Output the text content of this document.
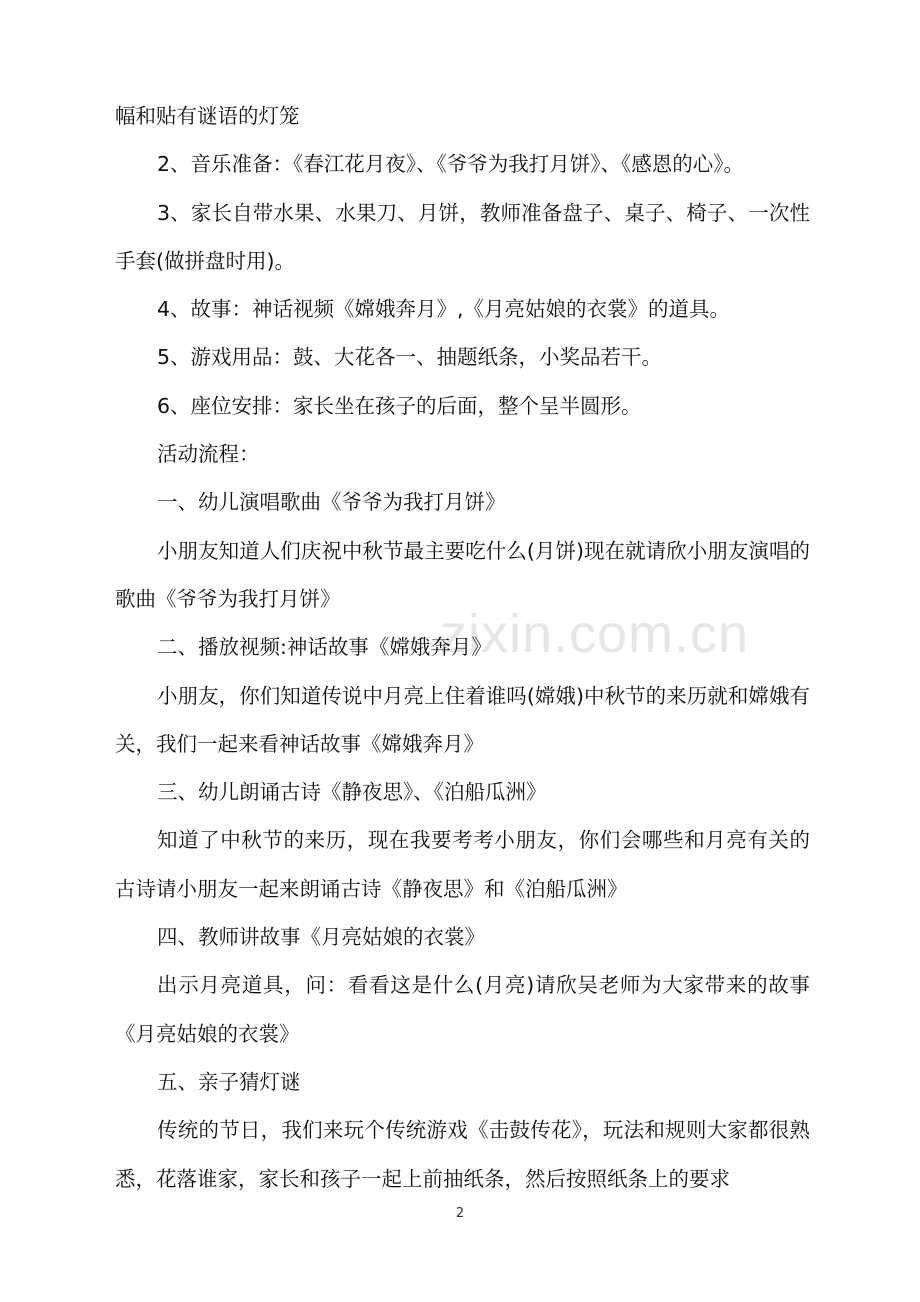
zixin.com.cn

幅和贴有谜语的灯笼

2、音乐准备：《春江花月夜》、《爷爷为我打月饼》、《感恩的心》。

3、家长自带水果、水果刀、月饼，教师准备盘子、桌子、椅子、一次性手套(做拼盘时用)。

4、故事：神话视频《嫦娥奔月》,《月亮姑娘的衣裳》的道具。

5、游戏用品：鼓、大花各一、抽题纸条，小奖品若干。

6、座位安排：家长坐在孩子的后面，整个呈半圆形。

活动流程：

一、幼儿演唱歌曲《爷爷为我打月饼》

小朋友知道人们庆祝中秋节最主要吃什么(月饼)现在就请欣小朋友演唱的歌曲《爷爷为我打月饼》

二、播放视频:神话故事《嫦娥奔月》

小朋友，你们知道传说中月亮上住着谁吗(嫦娥)中秋节的来历就和嫦娥有关，我们一起来看神话故事《嫦娥奔月》

三、幼儿朗诵古诗《静夜思》、《泊船瓜洲》

知道了中秋节的来历，现在我要考考小朋友，你们会哪些和月亮有关的古诗请小朋友一起来朗诵古诗《静夜思》和《泊船瓜洲》

四、教师讲故事《月亮姑娘的衣裳》

出示月亮道具，问：看看这是什么(月亮)请欣吴老师为大家带来的故事《月亮姑娘的衣裳》

五、亲子猜灯谜

传统的节日，我们来玩个传统游戏《击鼓传花》，玩法和规则大家都很熟悉，花落谁家，家长和孩子一起上前抽纸条，然后按照纸条上的要求

2
